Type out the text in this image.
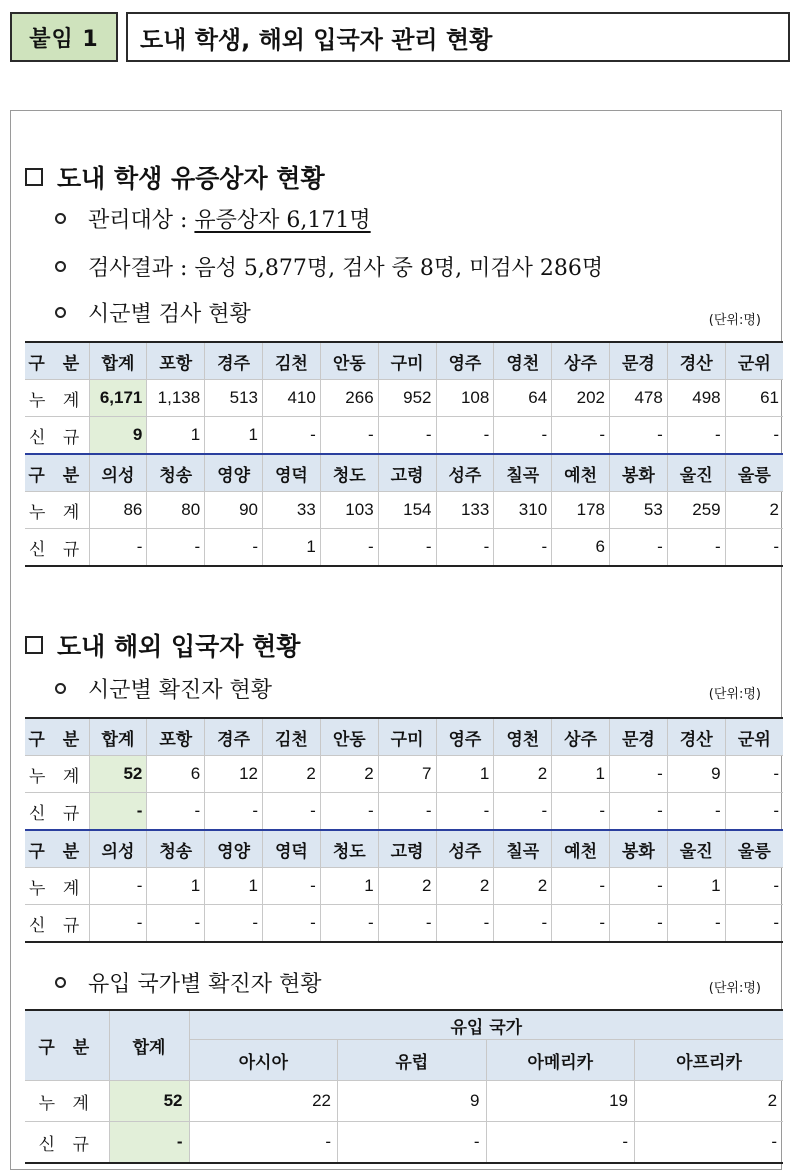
붙임 1	도내 학생, 해외 입국자 관리 현황
도내 학생 유증상자 현황
관리대상 :
유증상자 6,171명
검사결과 :
음성 5,877명, 검사 중 8명, 미검사 286명
시군별 검사 현황	(단위:명)
구 분	합계	포항	경주	김천	안동	구미	영주	영천	상주	문경	경산	군위
누 계	6,171	1,138	513	410	266	952	108	64	202	478	498	61
신 규	9	1	1	-	-	-	-	-	-	-	-	-
구 분	의성	청송	영양	영덕	청도	고령	성주	칠곡	예천	봉화	울진	울릉
누 계	86	80	90	33	103	154	133	310	178	53	259	2
신 규	-	-	-	1	-	-	-	-	6	-	-	-
도내 해외 입국자 현황
시군별 확진자 현황	(단위:명)
구 분	합계	포항	경주	김천	안동	구미	영주	영천	상주	문경	경산	군위
누 계	52	6	12	2	2	7	1	2	1	-	9	-
신 규	-	-	-	-	-	-	-	-	-	-	-	-
구 분	의성	청송	영양	영덕	청도	고령	성주	칠곡	예천	봉화	울진	울릉
누 계	-	1	1	-	1	2	2	2	-	-	1	-
신 규	-	-	-	-	-	-	-	-	-	-	-	-
유입 국가별 확진자 현황	(단위:명)
구 분	합계	유입 국가			
		아시아	유럽	아메리카	아프리카
누 계	52	22	9	19	2
신 규	-	-	-	-	-
